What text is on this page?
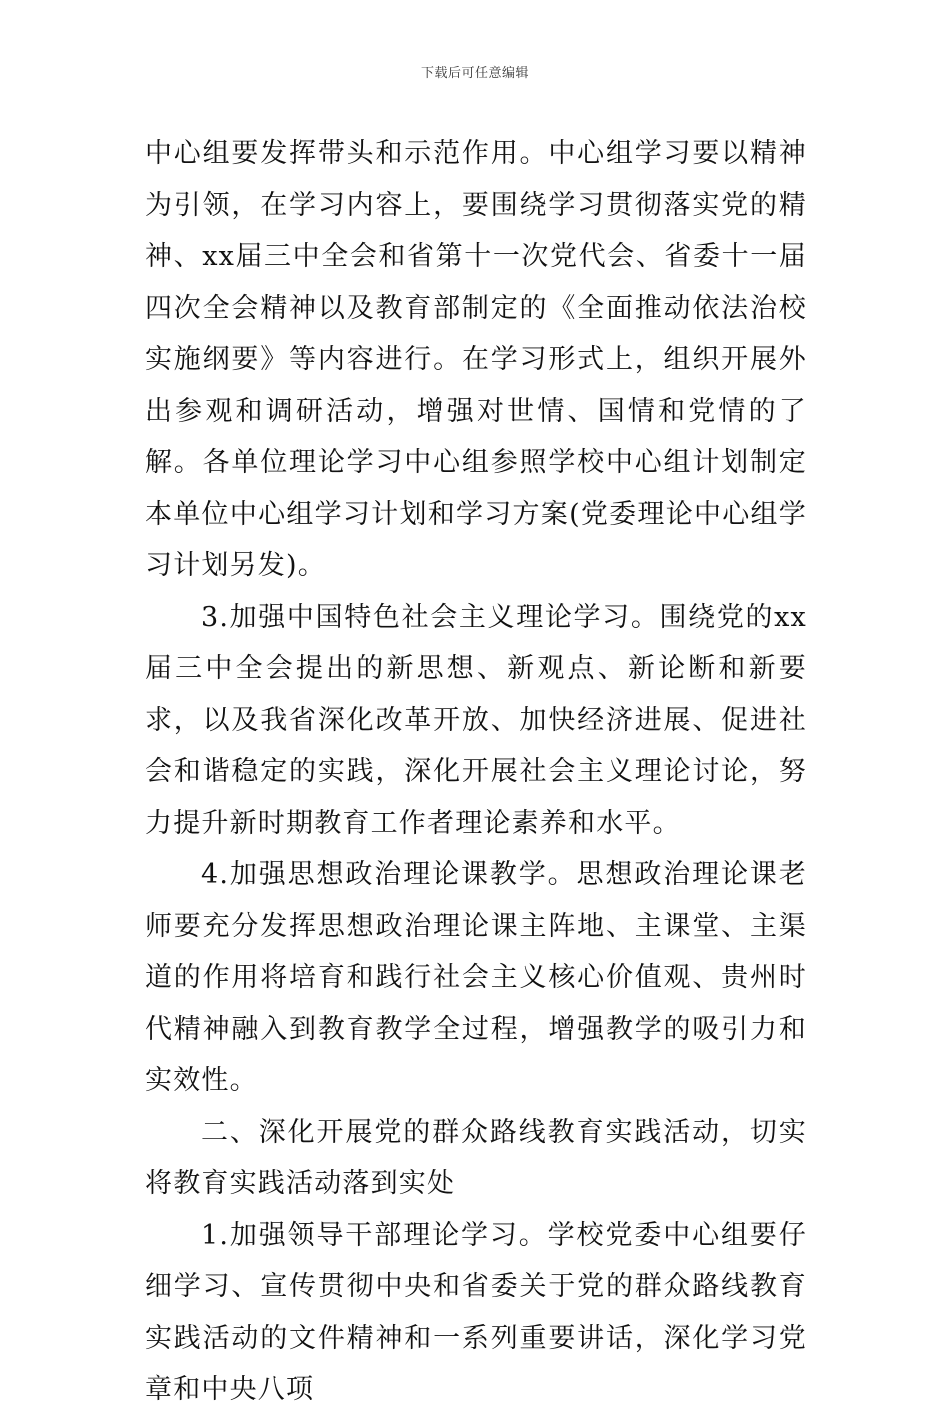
下载后可任意编辑

中心组要发挥带头和示范作用。中心组学习要以精神为引领，在学习内容上，要围绕学习贯彻落实党的精神、xx届三中全会和省第十一次党代会、省委十一届四次全会精神以及教育部制定的《全面推动依法治校实施纲要》等内容进行。在学习形式上，组织开展外出参观和调研活动，增强对世情、国情和党情的了解。各单位理论学习中心组参照学校中心组计划制定本单位中心组学习计划和学习方案(党委理论中心组学习计划另发)。

3.加强中国特色社会主义理论学习。围绕党的xx届三中全会提出的新思想、新观点、新论断和新要求，以及我省深化改革开放、加快经济进展、促进社会和谐稳定的实践，深化开展社会主义理论讨论，努力提升新时期教育工作者理论素养和水平。

4.加强思想政治理论课教学。思想政治理论课老师要充分发挥思想政治理论课主阵地、主课堂、主渠道的作用将培育和践行社会主义核心价值观、贵州时代精神融入到教育教学全过程，增强教学的吸引力和实效性。

二、深化开展党的群众路线教育实践活动，切实将教育实践活动落到实处

1.加强领导干部理论学习。学校党委中心组要仔细学习、宣传贯彻中央和省委关于党的群众路线教育实践活动的文件精神和一系列重要讲话，深化学习党章和中央八项
